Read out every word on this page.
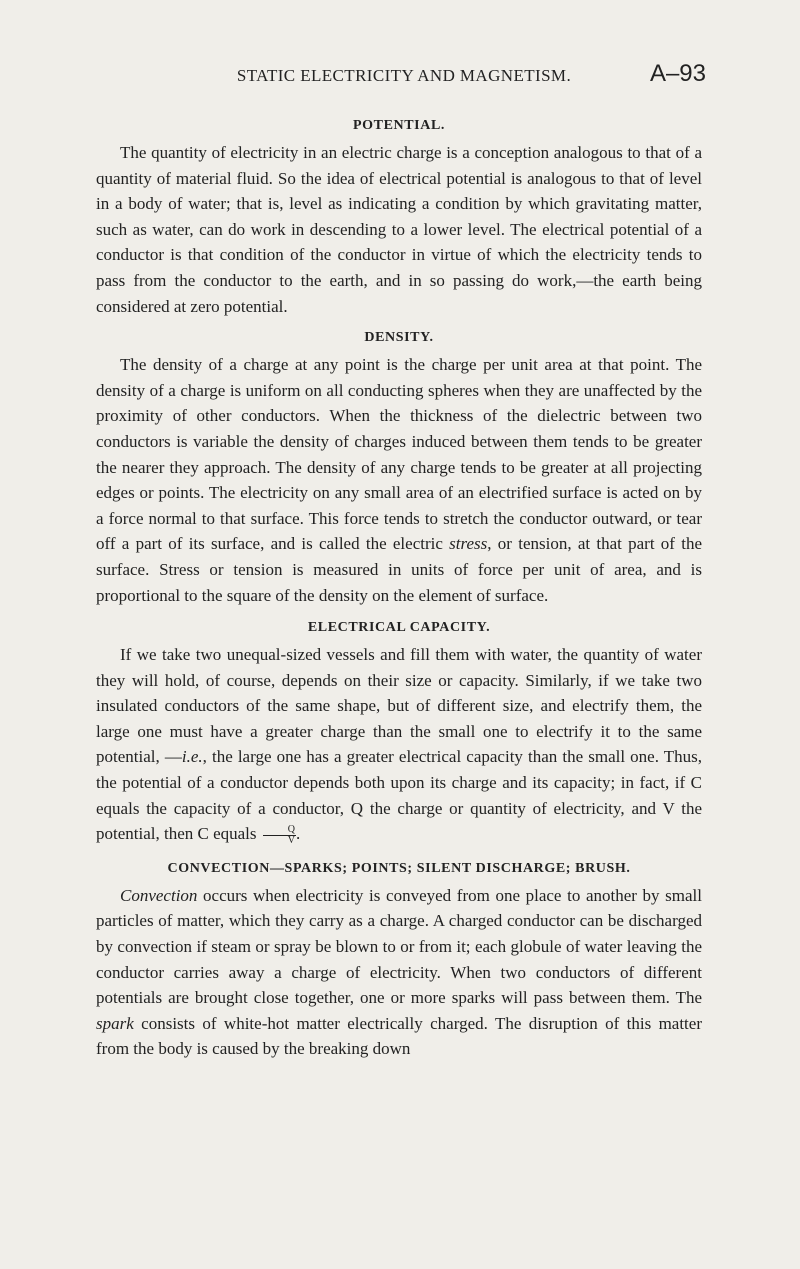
STATIC ELECTRICITY AND MAGNETISM.	A–93
POTENTIAL.

The quantity of electricity in an electric charge is a conception analogous to that of a quantity of material fluid. So the idea of electrical potential is analogous to that of level in a body of water; that is, level as indicating a condition by which gravitating matter, such as water, can do work in descending to a lower level. The electrical potential of a conductor is that condition of the conductor in virtue of which the electricity tends to pass from the conductor to the earth, and in so passing do work,—the earth being considered at zero potential.

DENSITY.

The density of a charge at any point is the charge per unit area at that point. The density of a charge is uniform on all conducting spheres when they are unaffected by the proximity of other conductors. When the thickness of the dielectric between two conductors is variable the density of charges induced between them tends to be greater the nearer they approach. The density of any charge tends to be greater at all projecting edges or points. The electricity on any small area of an electrified surface is acted on by a force normal to that surface. This force tends to stretch the conductor outward, or tear off a part of its surface, and is called the electric stress, or tension, at that part of the surface. Stress or tension is measured in units of force per unit of area, and is proportional to the square of the density on the element of surface.

ELECTRICAL CAPACITY.

If we take two unequal-sized vessels and fill them with water, the quantity of water they will hold, of course, depends on their size or capacity. Similarly, if we take two insulated conductors of the same shape, but of different size, and electrify them, the large one must have a greater charge than the small one to electrify it to the same potential, —i.e., the large one has a greater electrical capacity than the small one. Thus, the potential of a conductor depends both upon its charge and its capacity; in fact, if C equals the capacity of a conductor, Q the charge or quantity of electricity, and V the potential, then C equals $\frac{Q}{V}$ .

CONVECTION—SPARKS; POINTS; SILENT DISCHARGE; BRUSH.

Convection occurs when electricity is conveyed from one place to another by small particles of matter, which they carry as a charge. A charged conductor can be discharged by convection if steam or spray be blown to or from it; each globule of water leaving the conductor carries away a charge of electricity. When two conductors of different potentials are brought close together, one or more sparks will pass between them. The spark consists of white-hot matter electrically charged. The disruption of this matter from the body is caused by the breaking down
